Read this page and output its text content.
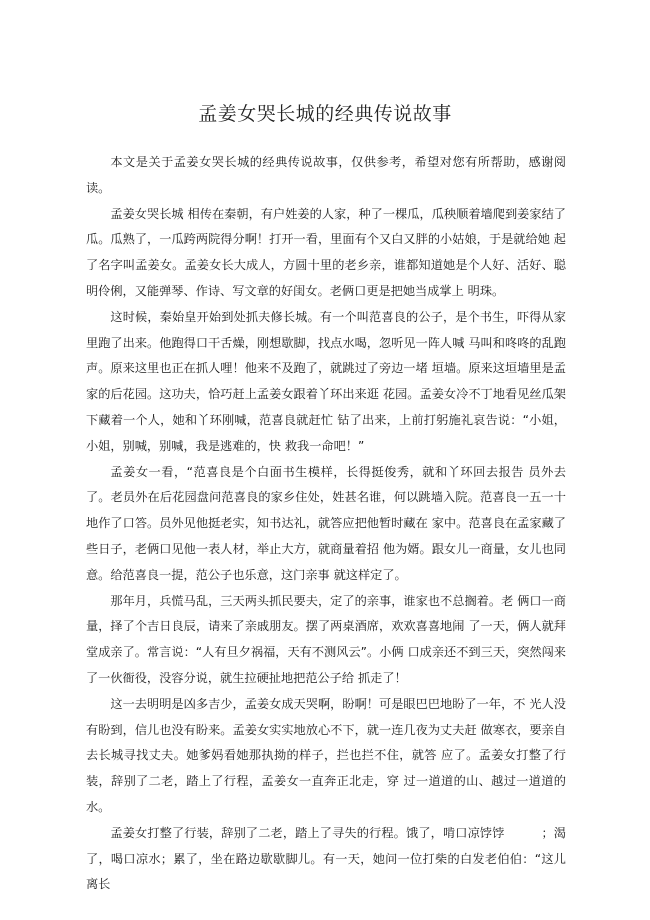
孟姜女哭长城的经典传说故事

本文是关于孟姜女哭长城的经典传说故事，仅供参考，希望对您有所帮助，感谢阅读。

孟姜女哭长城 相传在秦朝，有户姓姜的人家，种了一棵瓜，瓜秧顺着墙爬到姜家结了瓜。瓜熟了，一瓜跨两院得分啊！打开一看，里面有个又白又胖的小姑娘，于是就给她 起了名字叫孟姜女。孟姜女长大成人，方圆十里的老乡亲，谁都知道她是个人好、活好、聪明伶俐，又能弹琴、作诗、写文章的好闺女。老俩口更是把她当成掌上 明珠。

这时候，秦始皇开始到处抓夫修长城。有一个叫范喜良的公子，是个书生，吓得从家里跑了出来。他跑得口干舌燥，刚想歇脚，找点水喝，忽听见一阵人喊 马叫和咚咚的乱跑声。原来这里也正在抓人哩！他来不及跑了，就跳过了旁边一堵 垣墙。原来这垣墙里是孟家的后花园。这功夫，恰巧赶上孟姜女跟着丫环出来逛 花园。孟姜女冷不丁地看见丝瓜架下藏着一个人，她和丫环刚喊，范喜良就赶忙 钻了出来，上前打躬施礼哀告说：“小姐，小姐，别喊，别喊，我是逃难的，快 救我一命吧！”

孟姜女一看，“范喜良是个白面书生模样，长得挺俊秀，就和丫环回去报告 员外去了。老员外在后花园盘问范喜良的家乡住处，姓甚名谁，何以跳墙入院。范喜良一五一十地作了口答。员外见他挺老实，知书达礼，就答应把他暂时藏在 家中。范喜良在孟家藏了些日子，老俩口见他一表人材，举止大方，就商量着招 他为婿。跟女儿一商量，女儿也同意。给范喜良一提，范公子也乐意，这门亲事 就这样定了。

那年月，兵慌马乱，三天两头抓民要夫，定了的亲事，谁家也不总搁着。老 俩口一商量，择了个吉日良辰，请来了亲戚朋友。摆了两桌酒席，欢欢喜喜地闹 了一天，俩人就拜堂成亲了。常言说：“人有旦夕祸福，天有不测风云”。小俩 口成亲还不到三天，突然闯来了一伙衙役，没容分说，就生拉硬扯地把范公子给 抓走了！

这一去明明是凶多吉少，孟姜女成天哭啊，盼啊！可是眼巴巴地盼了一年，不 光人没有盼到，信儿也没有盼来。孟姜女实实地放心不下，就一连几夜为丈夫赶 做寒衣，要亲自去长城寻找丈夫。她爹妈看她那执拗的样子，拦也拦不住，就答 应了。孟姜女打整了行装，辞别了二老，踏上了行程，孟姜女一直奔正北走，穿 过一道道的山、越过一道道的水。

孟姜女打整了行装，辞别了二老，踏上了寻失的行程。饿了，啃口凉饽饽　　　；渴了，喝口凉水；累了，坐在路边歇歇脚儿。有一天，她问一位打柴的白发老伯伯：“这儿离长
